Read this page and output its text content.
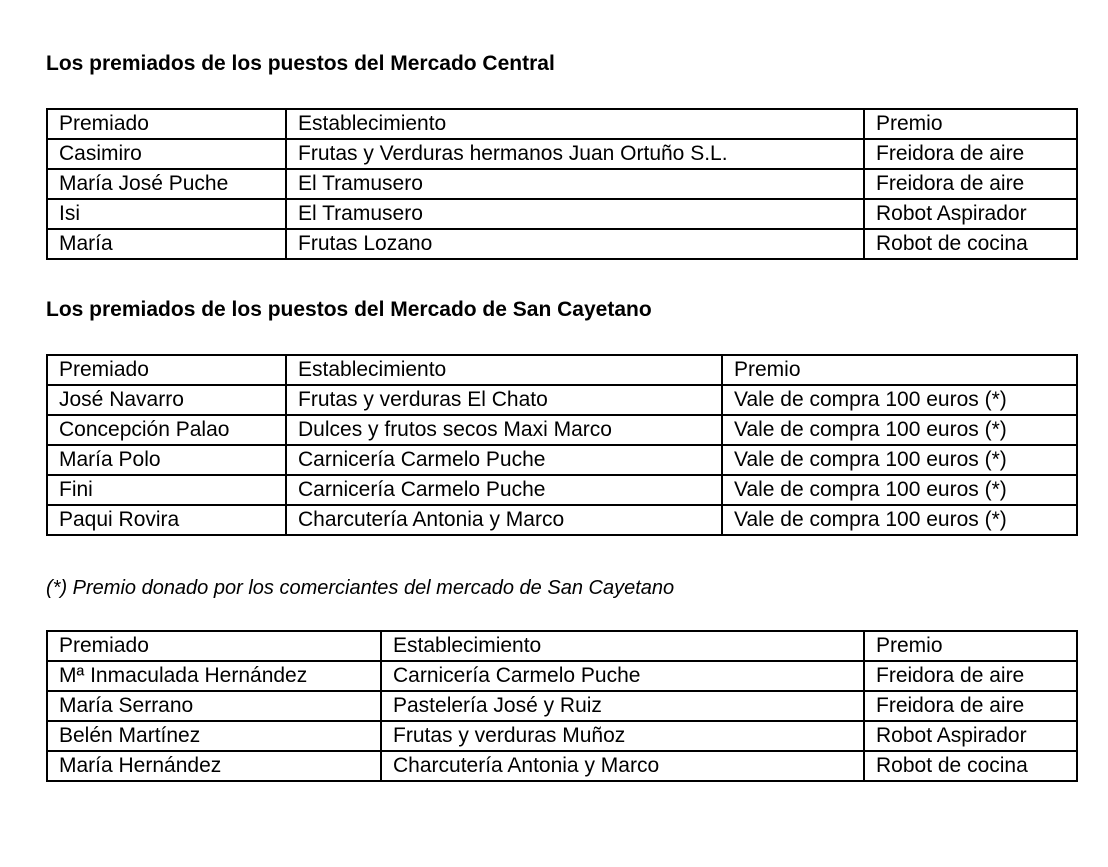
Los premiados de los puestos del Mercado Central
Premiado	Establecimiento	Premio
Casimiro	Frutas y Verduras hermanos Juan Ortuño S.L.	Freidora de aire
María José Puche	El Tramusero	Freidora de aire
Isi	El Tramusero	Robot Aspirador
María	Frutas Lozano	Robot de cocina
Los premiados de los puestos del Mercado de San Cayetano
Premiado	Establecimiento	Premio
José Navarro	Frutas y verduras El Chato	Vale de compra 100 euros (*)
Concepción Palao	Dulces y frutos secos Maxi Marco	Vale de compra 100 euros (*)
María Polo	Carnicería Carmelo Puche	Vale de compra 100 euros (*)
Fini	Carnicería Carmelo Puche	Vale de compra 100 euros (*)
Paqui Rovira	Charcutería Antonia y Marco	Vale de compra 100 euros (*)

(*) Premio donado por los comerciantes del mercado de San Cayetano

Premiado	Establecimiento	Premio
Mª Inmaculada Hernández	Carnicería Carmelo Puche	Freidora de aire
María Serrano	Pastelería José y Ruiz	Freidora de aire
Belén Martínez	Frutas y verduras Muñoz	Robot Aspirador
María Hernández	Charcutería Antonia y Marco	Robot de cocina
